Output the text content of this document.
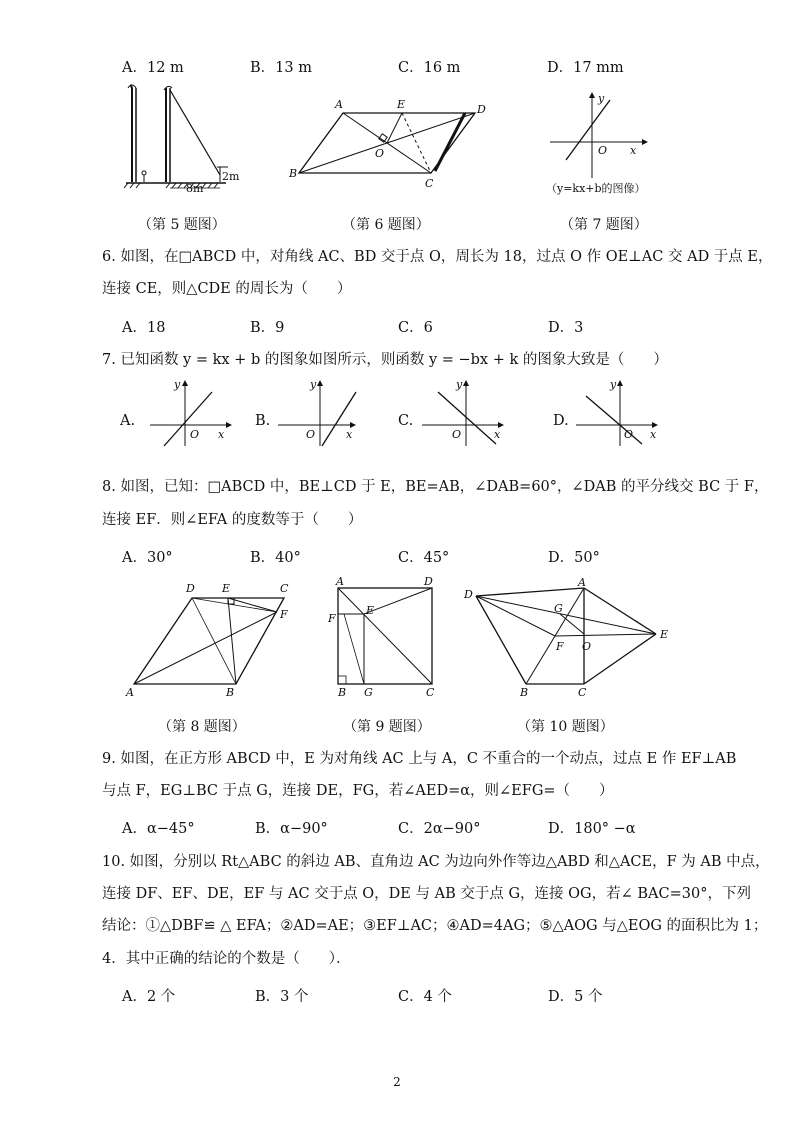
A．12 m	B．13 m	C．16 m	D．17 mm
2m
8m
A	E	D
B
O
C
y
x
O
（y=kx+b的图像）
（第 5 题图）	（第 6 题图）	（第 7 题图）
6. 如图，在□ABCD 中，对角线 AC、BD 交于点 O，周长为 18，过点 O 作 OE⊥AC 交 AD 于点 E，
连接 CE，则△CDE 的周长为（　　）
A．18	B．9	C．6	D．3
7. 已知函数 y = kx + b 的图象如图所示，则函数 y = −bx + k 的图象大致是（　　）
A.
y
x
O
B.
y
x
O
C.
y
x
O
D.
y
x
O
8. 如图，已知：□ABCD 中，BE⊥CD 于 E，BE=AB，∠DAB=60°，∠DAB 的平分线交 BC 于 F，
连接 EF．则∠EFA 的度数等于（　　）
A．30°	B．40°	C．45°	D．50°
D E	C
F
A	B
A	D
E
F
B G	C
D
A
G
E
F O
B	C
（第 8 题图）	（第 9 题图）	（第 10 题图）
9. 如图，在正方形 ABCD 中，E 为对角线 AC 上与 A，C 不重合的一个动点，过点 E 作 EF⊥AB
与点 F，EG⊥BC 于点 G，连接 DE，FG，若∠AED=α，则∠EFG=（　　）
A．α−45°	B．α−90°	C．2α−90°	D．180° −α
10. 如图，分别以 Rt△ABC 的斜边 AB、直角边 AC 为边向外作等边△ABD 和△ACE，F 为 AB 中点，
连接 DF、EF、DE，EF 与 AC 交于点 O，DE 与 AB 交于点 G，连接 OG，若∠ BAC=30°，下列
结论：①△DBF≌ △ EFA；②AD=AE；③EF⊥AC；④AD=4AG；⑤△AOG 与△EOG 的面积比为 1；
4．其中正确的结论的个数是（　　）．
A．2 个	B．3 个	C．4 个	D．5 个
2
